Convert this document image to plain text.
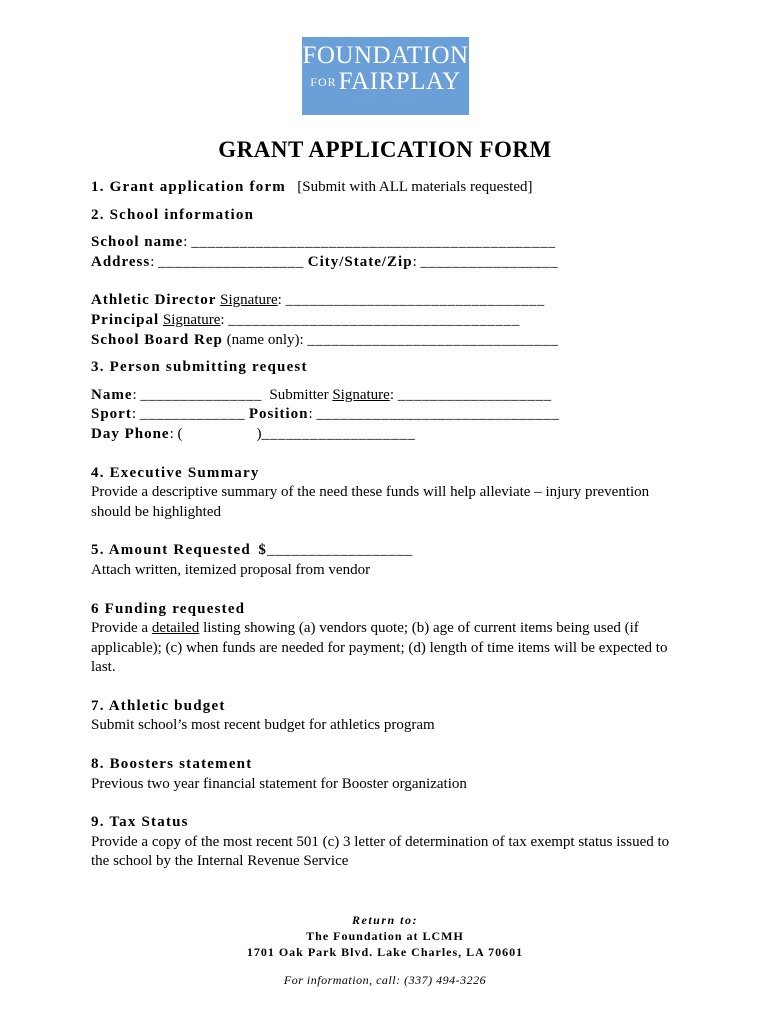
FOUNDATION
FORFAIRPLAY
· · · · · · ·
GRANT APPLICATION FORM
1. Grant application form [Submit with ALL materials requested]
2. School information
School name: _____________________________________________
Address: __________________ City/State/Zip: _________________
Athletic Director Signature: ________________________________
Principal Signature: ____________________________________
School Board Rep (name only): _______________________________
3. Person submitting request
Name: _______________ Submitter Signature: ___________________
Sport: _____________ Position: ______________________________
Day Phone: (	)___________________
4. Executive Summary
Provide a descriptive summary of the need these funds will help alleviate – injury prevention should be highlighted
5. Amount Requested $__________________
Attach written, itemized proposal from vendor
6 Funding requested
Provide a detailed listing showing (a) vendors quote; (b) age of current items being used (if applicable); (c) when funds are needed for payment; (d) length of time items will be expected to last.
7. Athletic budget
Submit school’s most recent budget for athletics program
8. Boosters statement
Previous two year financial statement for Booster organization
9. Tax Status
Provide a copy of the most recent 501 (c) 3 letter of determination of tax exempt status issued to the school by the Internal Revenue Service
Return to:
The Foundation at LCMH
1701 Oak Park Blvd. Lake Charles, LA 70601
For information, call: (337) 494-3226
